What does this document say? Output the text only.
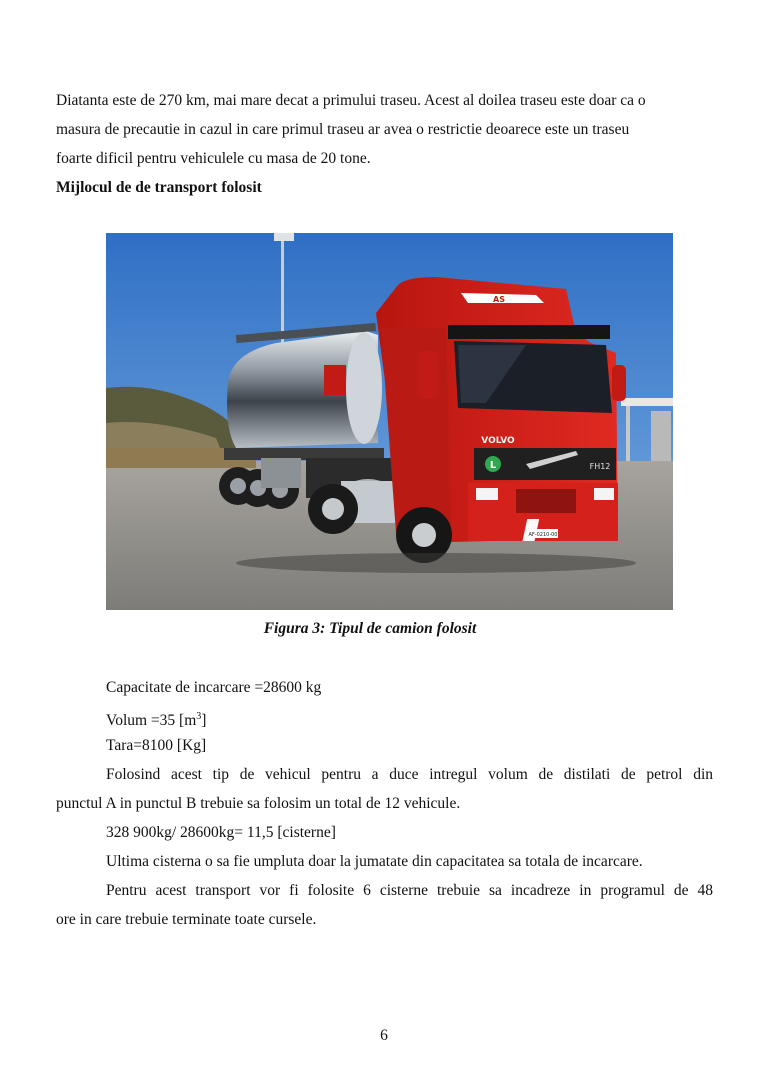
Diatanta este de 270 km, mai mare decat a primului traseu. Acest al doilea traseu este doar ca o
masura de precautie in cazul in care primul traseu ar avea o restrictie deoarece este un traseu
foarte dificil pentru vehiculele cu masa de 20 tone.

Mijlocul de de transport folosit

AS
VOLVO
L	FH12
AF-0210-00
Figura 3: Tipul de camion folosit

Capacitate de incarcare =28600 kg

Volum =35 $[m^3]$

Tara=8100 [Kg]

Folosind acest tip de vehicul pentru a duce intregul volum de distilati de petrol din
punctul A in punctul B trebuie sa folosim un total de 12 vehicule.

328 900kg/ 28600kg= 11,5 [cisterne]

Ultima cisterna o sa fie umpluta doar la jumatate din capacitatea sa totala de incarcare.

Pentru acest transport vor fi folosite 6 cisterne trebuie sa incadreze in programul de 48
ore in care trebuie terminate toate cursele.

6
